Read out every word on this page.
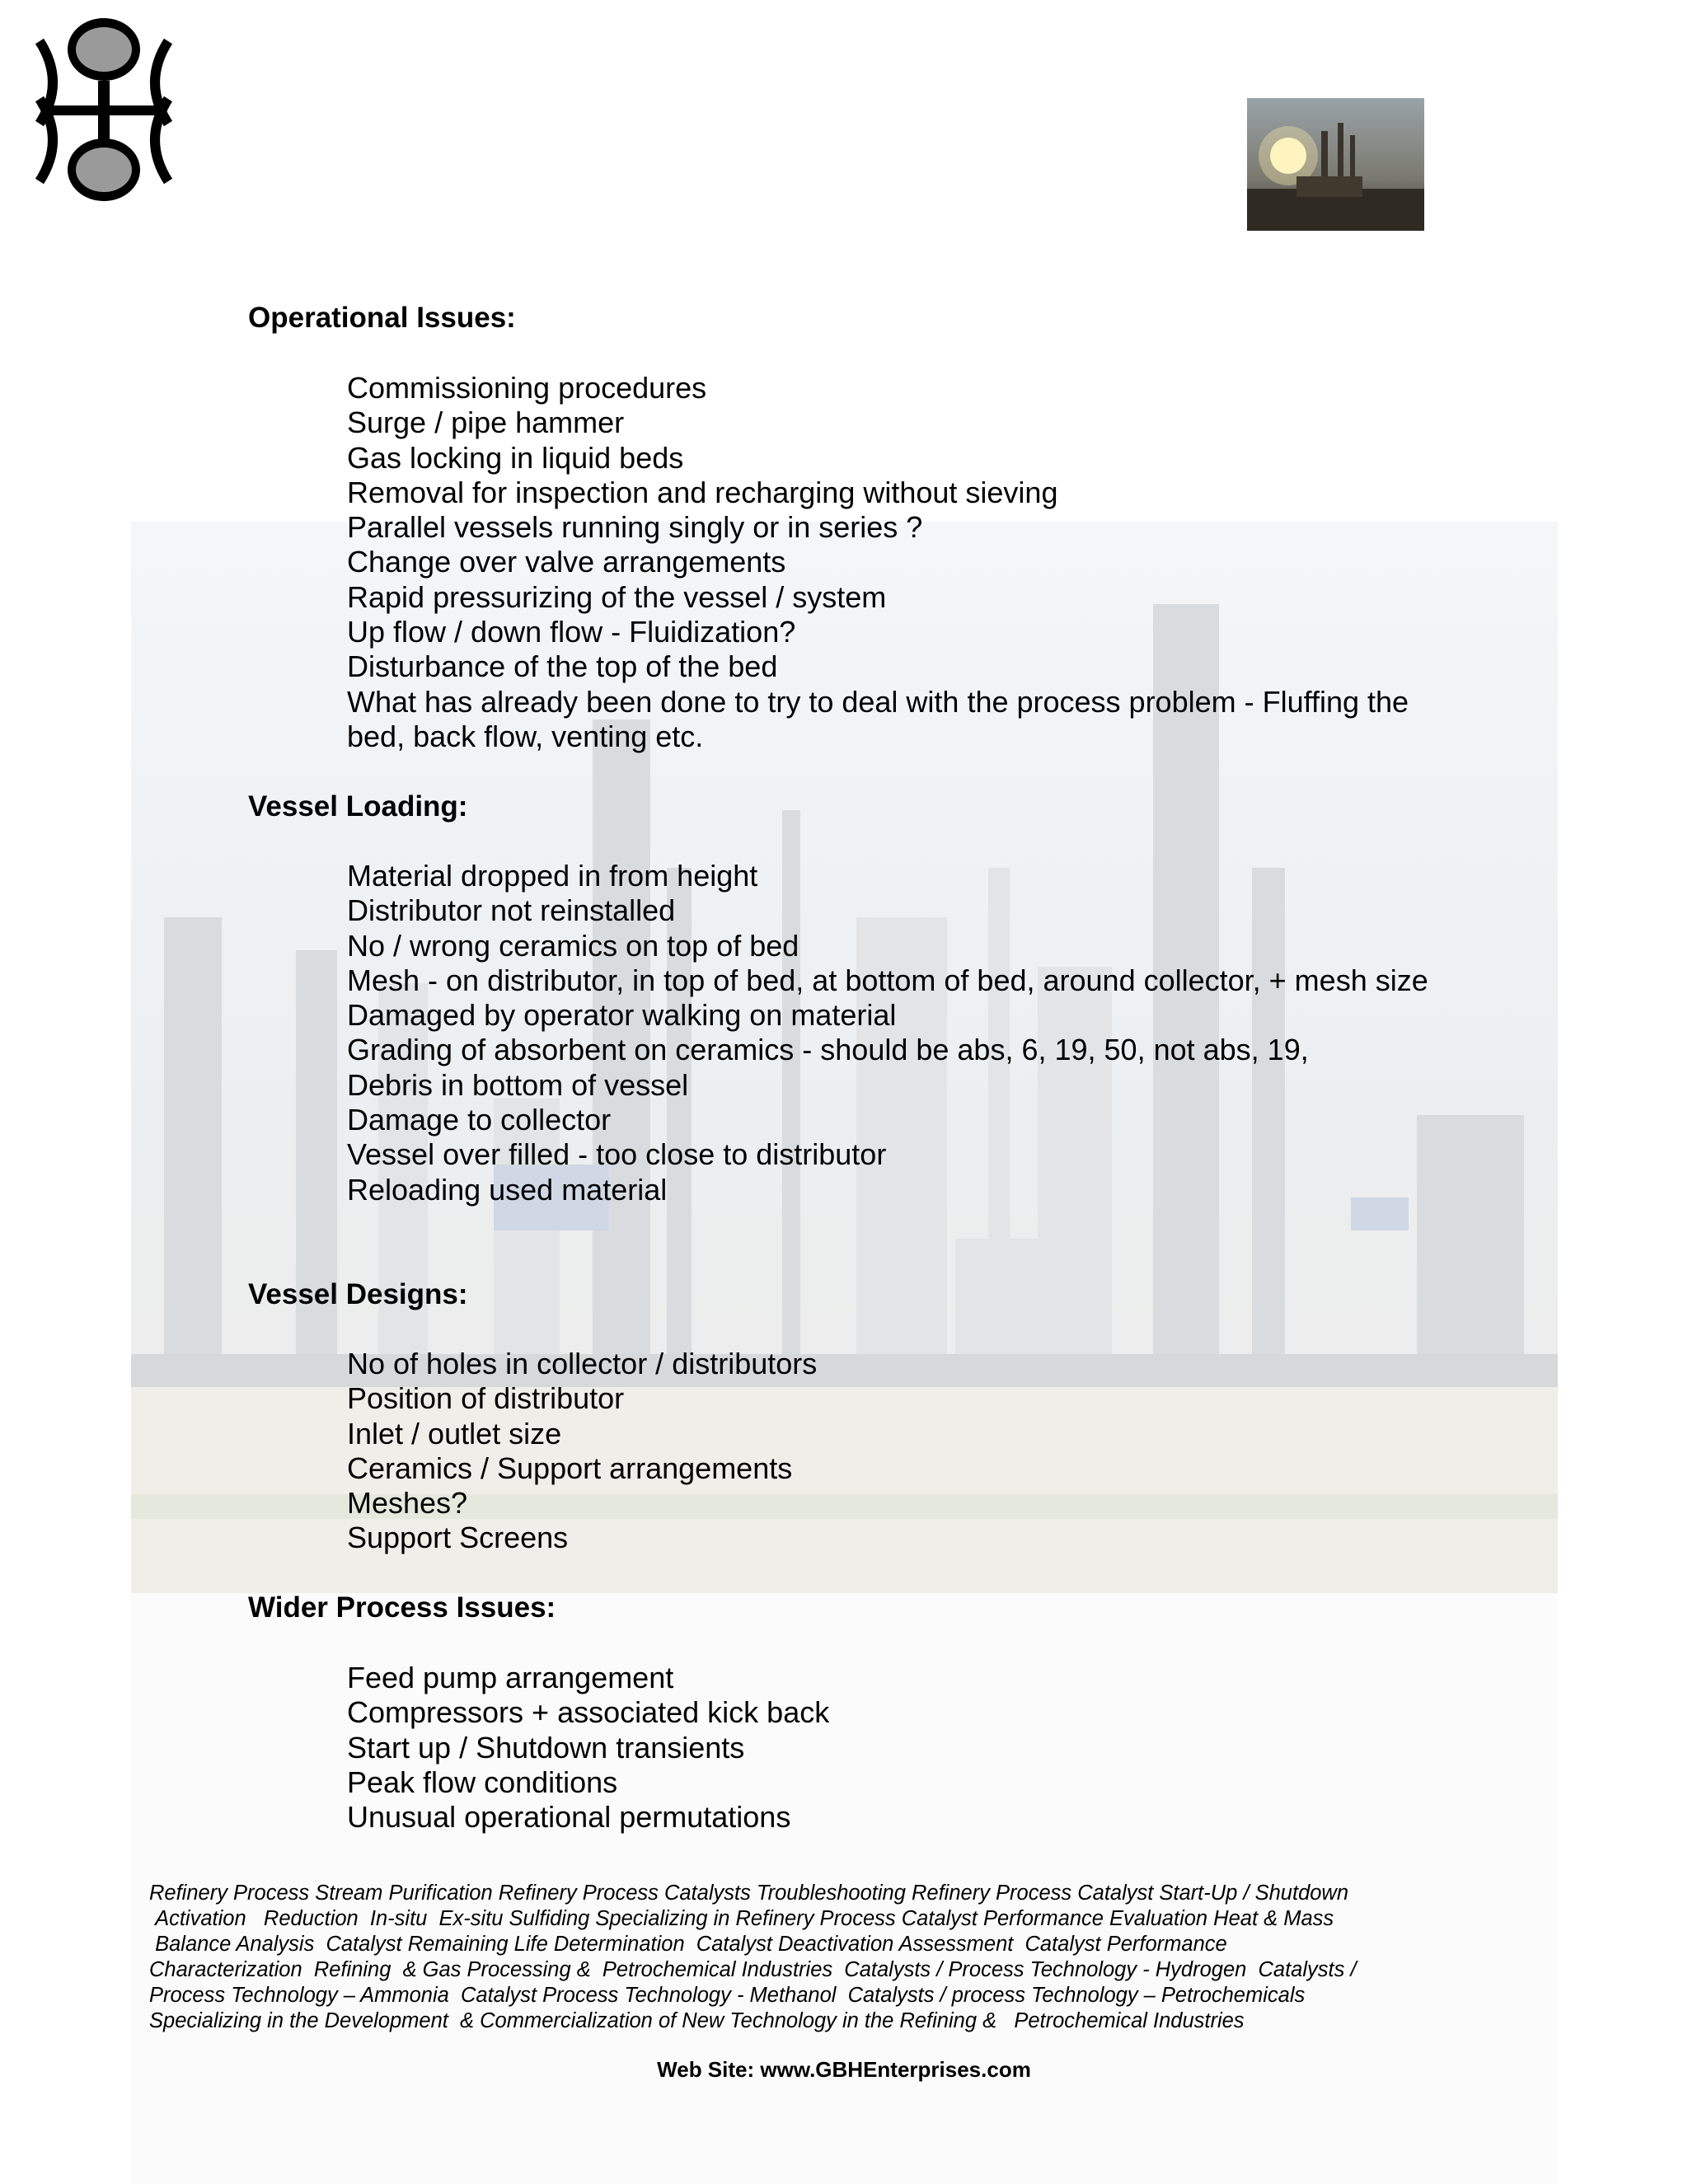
Operational Issues:
Commissioning procedures
Surge / pipe hammer
Gas locking in liquid beds
Removal for inspection and recharging without sieving
Parallel vessels running singly or in series ?
Change over valve arrangements
Rapid pressurizing of the vessel / system
Up flow / down flow - Fluidization?
Disturbance of the top of the bed
What has already been done to try to deal with the process problem - Fluffing the bed, back flow, venting etc.
Vessel Loading:
Material dropped in from height
Distributor not reinstalled
No / wrong ceramics on top of bed
Mesh - on distributor, in top of bed, at bottom of bed, around collector, + mesh size
Damaged by operator walking on material
Grading of absorbent on ceramics - should be abs, 6, 19, 50, not abs, 19,
Debris in bottom of vessel
Damage to collector
Vessel over filled - too close to distributor
Reloading used material
Vessel Designs:
No of holes in collector / distributors
Position of distributor
Inlet / outlet size
Ceramics / Support arrangements
Meshes?
Support Screens
Wider Process Issues:
Feed pump arrangement
Compressors + associated kick back
Start up / Shutdown transients
Peak flow conditions
Unusual operational permutations
Refinery Process Stream Purification Refinery Process Catalysts Troubleshooting Refinery Process Catalyst Start-Up / Shutdown
Activation   Reduction  In-situ  Ex-situ Sulfiding Specializing in Refinery Process Catalyst Performance Evaluation Heat & Mass
Balance Analysis  Catalyst Remaining Life Determination  Catalyst Deactivation Assessment  Catalyst Performance
Characterization  Refining  & Gas Processing &  Petrochemical Industries  Catalysts / Process Technology - Hydrogen  Catalysts /
Process Technology – Ammonia  Catalyst Process Technology - Methanol  Catalysts / process Technology – Petrochemicals
Specializing in the Development  & Commercialization of New Technology in the Refining &   Petrochemical Industries
Web Site: www.GBHEnterprises.com
